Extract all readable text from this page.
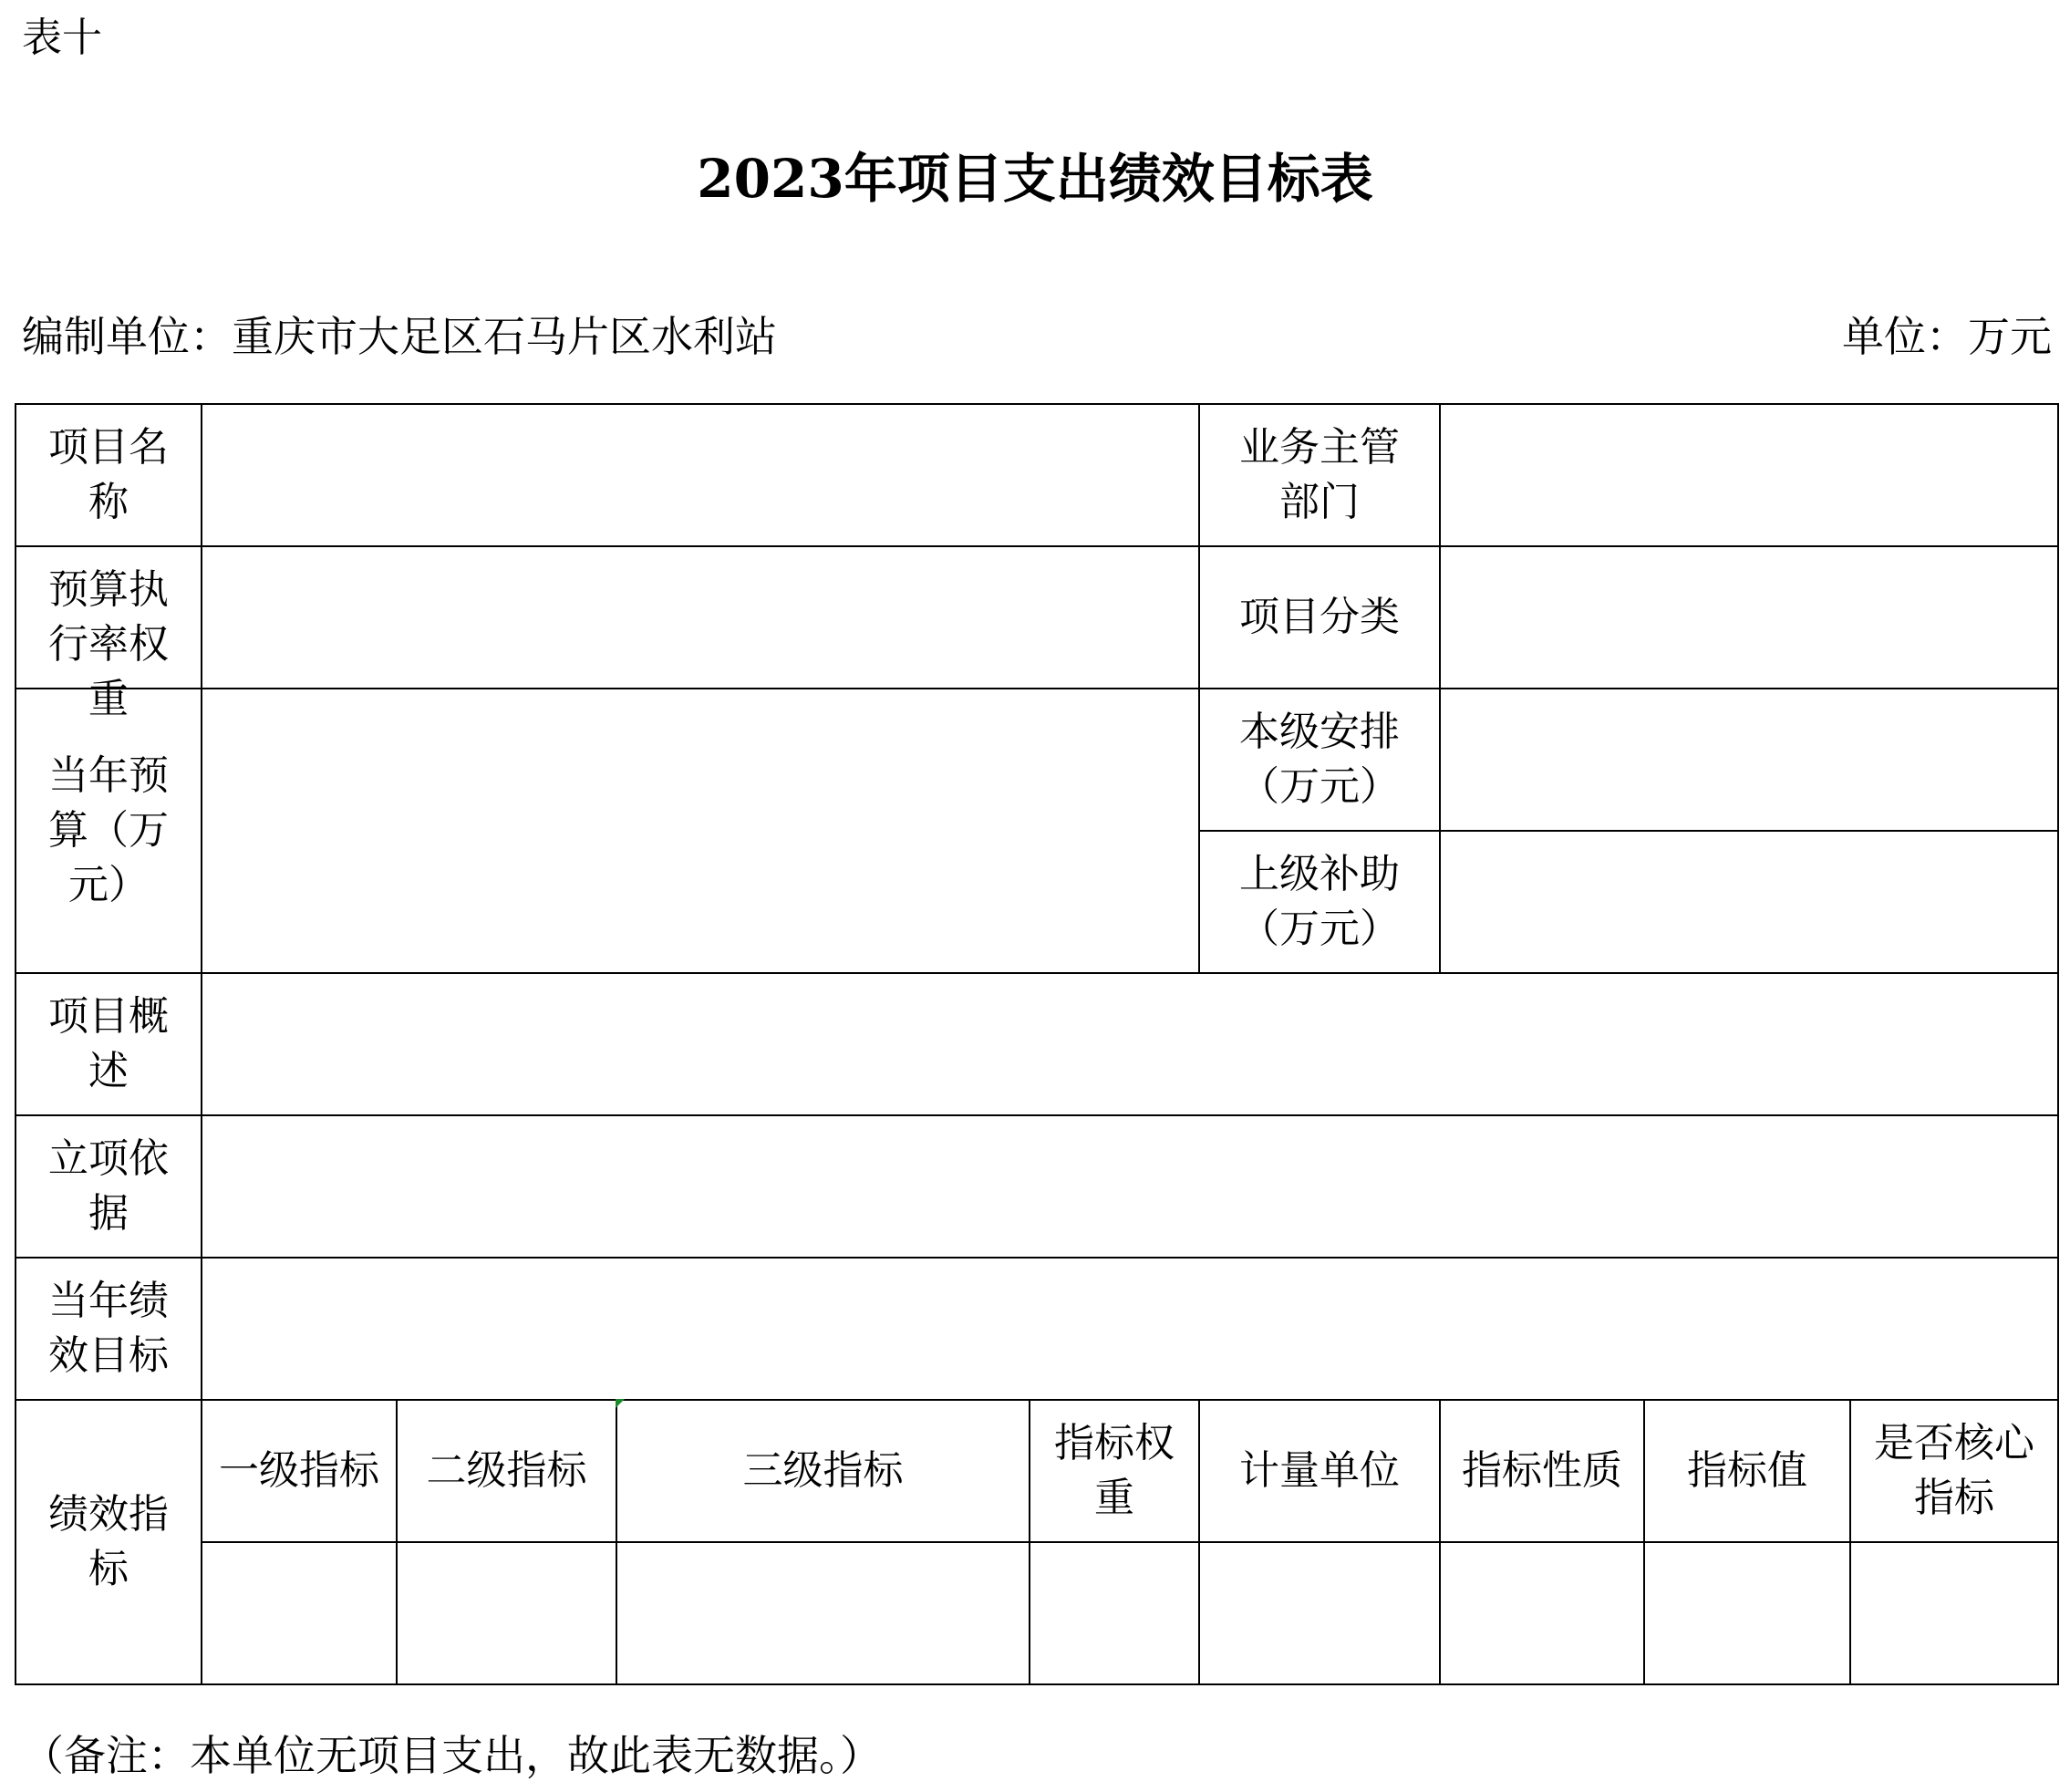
表十
2023年项目支出绩效目标表
编制单位：重庆市大足区石马片区水利站	单位：万元
项目名称					业务主管部门			

预算执行率权重					项目分类			

当年预算（万元）					本级安排（万元）			

					上级补助（万元）			

项目概述								

立项依据								

当年绩效目标								

绩效指标	一级指标	二级指标	三级指标	指标权重	计量单位	指标性质	指标值	是否核心指标

（备注：本单位无项目支出，故此表无数据。）
